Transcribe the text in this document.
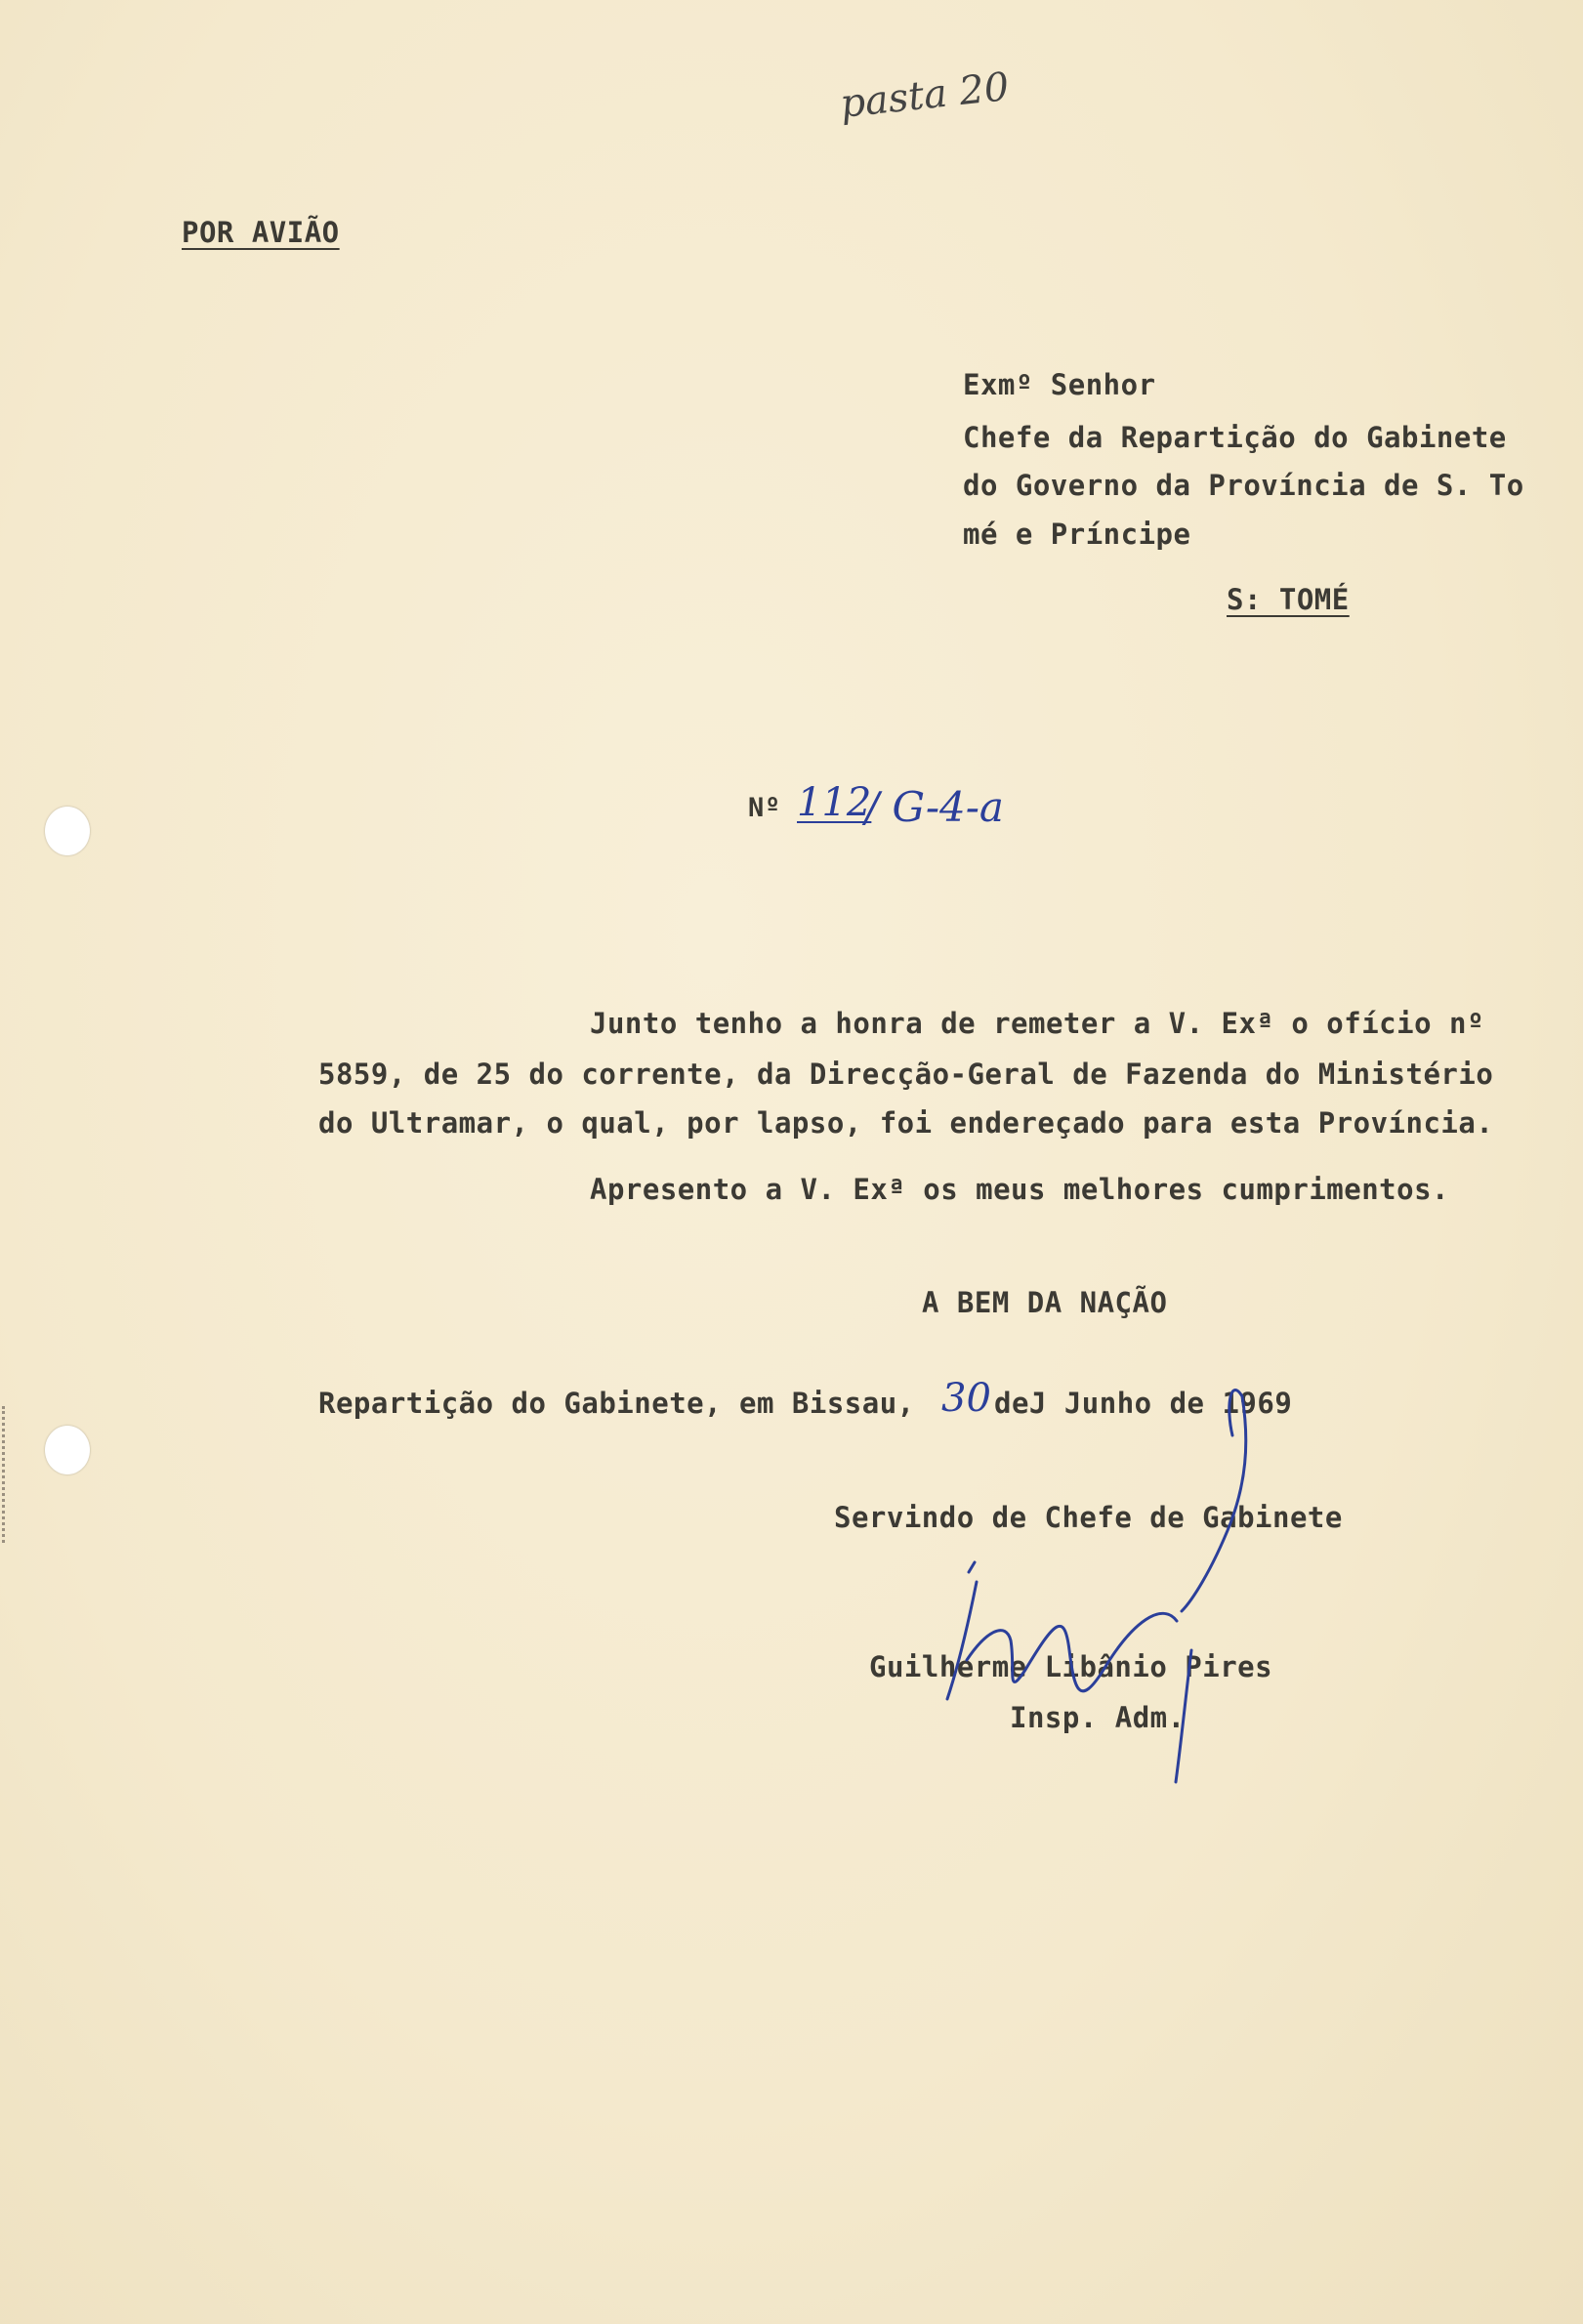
pasta 20
POR AVIÃO
Exmº Senhor
Chefe da Repartição do Gabinete
do Governo da Província de S. To
mé e Príncipe
S: TOMÉ
Nº 112
/ G-4-a
Junto tenho a honra de remeter a V. Exª o ofício nº
5859, de 25 do corrente, da Direcção-Geral de Fazenda do Ministério
do Ultramar, o qual, por lapso, foi endereçado para esta Província.
Apresento a V. Exª os meus melhores cumprimentos.
A BEM DA NAÇÃO
Repartição do Gabinete, em Bissau, 30 deJ Junho de 1969
Servindo de Chefe de Gabinete
Guilherme Libânio Pires
Insp. Adm.
